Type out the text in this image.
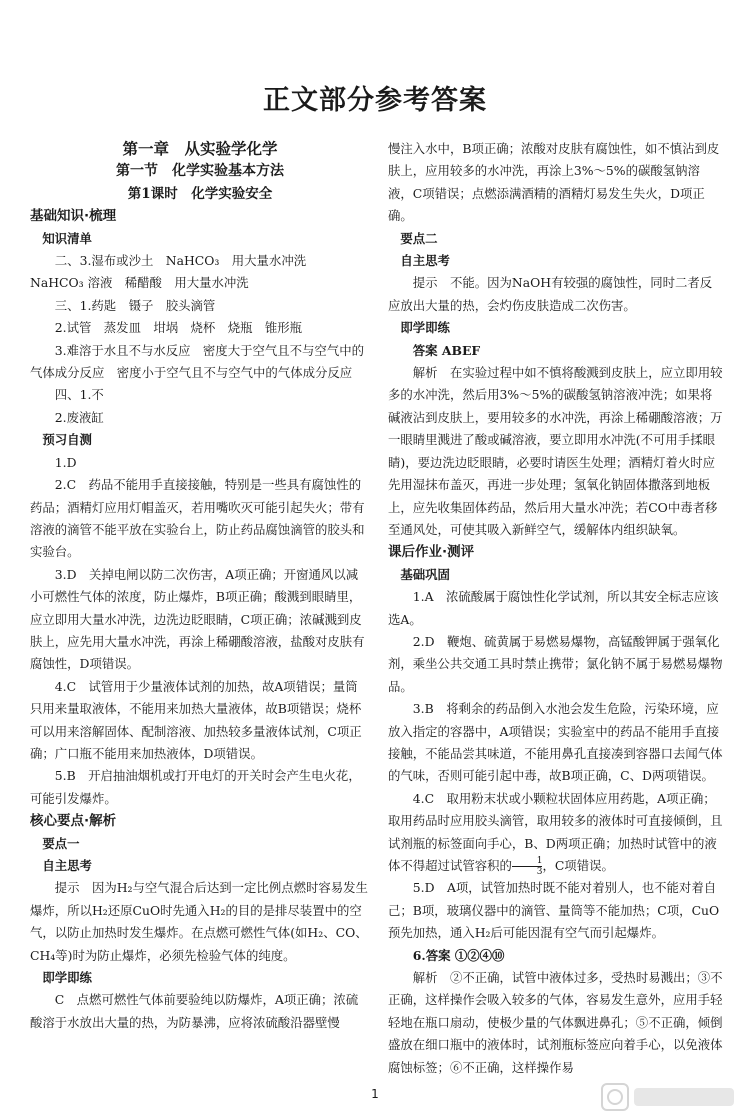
正文部分参考答案

第一章　从实验学化学

第一节　化学实验基本方法

第1课时　化学实验安全

基础知识·梳理

知识清单

二、3.湿布或沙土　NaHCO₃　用大量水冲洗

NaHCO₃ 溶液　稀醋酸　用大量水冲洗

三、1.药匙　镊子　胶头滴管

2.试管　蒸发皿　坩埚　烧杯　烧瓶　锥形瓶

3.难溶于水且不与水反应　密度大于空气且不与空气中的气体成分反应　密度小于空气且不与空气中的气体成分反应

四、1.不

2.废液缸

预习自测

1.D

2.C　药品不能用手直接接触，特别是一些具有腐蚀性的药品；酒精灯应用灯帽盖灭，若用嘴吹灭可能引起失火；带有溶液的滴管不能平放在实验台上，防止药品腐蚀滴管的胶头和实验台。

3.D　关掉电闸以防二次伤害，A项正确；开窗通风以减小可燃性气体的浓度，防止爆炸，B项正确；酸溅到眼睛里，应立即用大量水冲洗，边洗边眨眼睛，C项正确；浓碱溅到皮肤上，应先用大量水冲洗，再涂上稀硼酸溶液，盐酸对皮肤有腐蚀性，D项错误。

4.C　试管用于少量液体试剂的加热，故A项错误；量筒只用来量取液体，不能用来加热大量液体，故B项错误；烧杯可以用来溶解固体、配制溶液、加热较多量液体试剂，C项正确；广口瓶不能用来加热液体，D项错误。

5.B　开启抽油烟机或打开电灯的开关时会产生电火花，可能引发爆炸。

核心要点·解析

要点一

自主思考

提示　因为H₂与空气混合后达到一定比例点燃时容易发生爆炸，所以H₂还原CuO时先通入H₂的目的是排尽装置中的空气，以防止加热时发生爆炸。在点燃可燃性气体(如H₂、CO、CH₄等)时为防止爆炸，必须先检验气体的纯度。

即学即练

C　点燃可燃性气体前要验纯以防爆炸，A项正确；浓硫酸溶于水放出大量的热，为防暴沸，应将浓硫酸沿器壁慢

慢注入水中，B项正确；浓酸对皮肤有腐蚀性，如不慎沾到皮肤上，应用较多的水冲洗，再涂上3%～5%的碳酸氢钠溶液，C项错误；点燃添满酒精的酒精灯易发生失火，D项正确。

要点二

自主思考

提示　不能。因为NaOH有较强的腐蚀性，同时二者反应放出大量的热，会灼伤皮肤造成二次伤害。

即学即练

答案 ABEF

解析　在实验过程中如不慎将酸溅到皮肤上，应立即用较多的水冲洗，然后用3%～5%的碳酸氢钠溶液冲洗；如果将碱液沾到皮肤上，要用较多的水冲洗，再涂上稀硼酸溶液；万一眼睛里溅进了酸或碱溶液，要立即用水冲洗(不可用手揉眼睛)，要边洗边眨眼睛，必要时请医生处理；酒精灯着火时应先用湿抹布盖灭，再进一步处理；氢氧化钠固体撒落到地板上，应先收集固体药品，然后用大量水冲洗；若CO中毒者移至通风处，可使其吸入新鲜空气，缓解体内组织缺氧。

课后作业·测评

基础巩固

1.A　浓硫酸属于腐蚀性化学试剂，所以其安全标志应该选A。

2.D　鞭炮、硫黄属于易燃易爆物，高锰酸钾属于强氧化剂，乘坐公共交通工具时禁止携带；氯化钠不属于易燃易爆物品。

3.B　将剩余的药品倒入水池会发生危险，污染环境，应放入指定的容器中，A项错误；实验室中的药品不能用手直接接触，不能品尝其味道，不能用鼻孔直接凑到容器口去闻气体的气味，否则可能引起中毒，故B项正确，C、D两项错误。

4.C　取用粉末状或小颗粒状固体应用药匙，A项正确；取用药品时应用胶头滴管，取用较多的液体时可直接倾倒，且试剂瓶的标签面向手心，B、D两项正确；加热时试管中的液体不得超过试管容积的 $\frac{1}{3}$ ，C项错误。

5.D　A项，试管加热时既不能对着别人，也不能对着自己；B项，玻璃仪器中的滴管、量筒等不能加热；C项，CuO预先加热，通入H₂后可能因混有空气而引起爆炸。

6.答案 ①②④⑩

解析　②不正确，试管中液体过多，受热时易溅出；③不正确，这样操作会吸入较多的气体，容易发生意外，应用手轻轻地在瓶口扇动，使极少量的气体飘进鼻孔；⑤不正确，倾倒盛放在细口瓶中的液体时，试剂瓶标签应向着手心，以免液体腐蚀标签；⑥不正确，这样操作易

1
